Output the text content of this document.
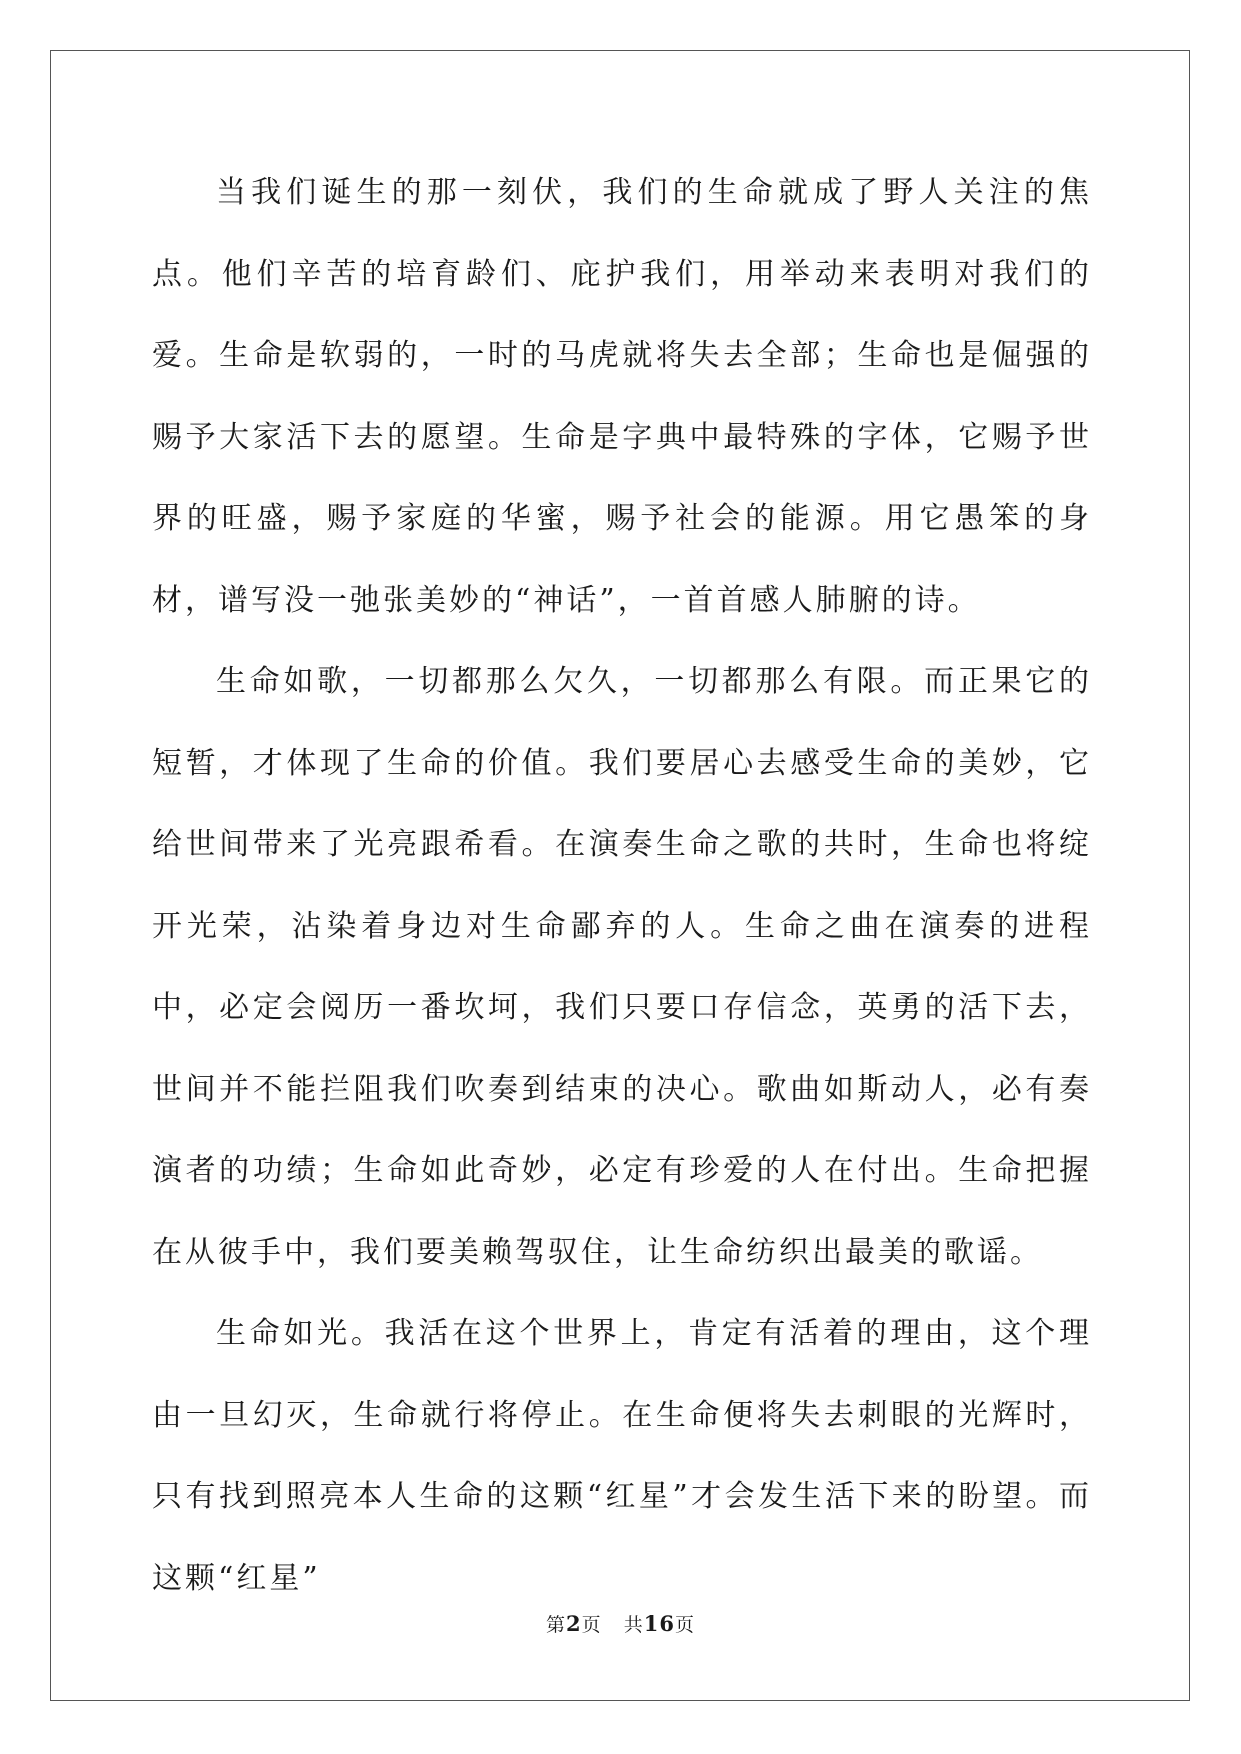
当我们诞生的那一刻伏，我们的生命就成了野人关注的焦点。他们辛苦的培育龄们、庇护我们，用举动来表明对我们的爱。生命是软弱的，一时的马虎就将失去全部；生命也是倔强的赐予大家活下去的愿望。生命是字典中最特殊的字体，它赐予世界的旺盛，赐予家庭的华蜜，赐予社会的能源。用它愚笨的身材，谱写没一弛张美妙的“神话”，一首首感人肺腑的诗。

生命如歌，一切都那么欠久，一切都那么有限。而正果它的短暂，才体现了生命的价值。我们要居心去感受生命的美妙，它给世间带来了光亮跟希看。在演奏生命之歌的共时，生命也将绽开光荣，沾染着身边对生命鄙弃的人。生命之曲在演奏的进程中，必定会阅历一番坎坷，我们只要口存信念，英勇的活下去，世间并不能拦阻我们吹奏到结束的决心。歌曲如斯动人，必有奏演者的功绩；生命如此奇妙，必定有珍爱的人在付出。生命把握在从彼手中，我们要美赖驾驭住，让生命纺织出最美的歌谣。

生命如光。我活在这个世界上，肯定有活着的理由，这个理由一旦幻灭，生命就行将停止。在生命便将失去刺眼的光辉时，只有找到照亮本人生命的这颗“红星”才会发生活下来的盼望。而这颗“红星”

第2页 共16页
